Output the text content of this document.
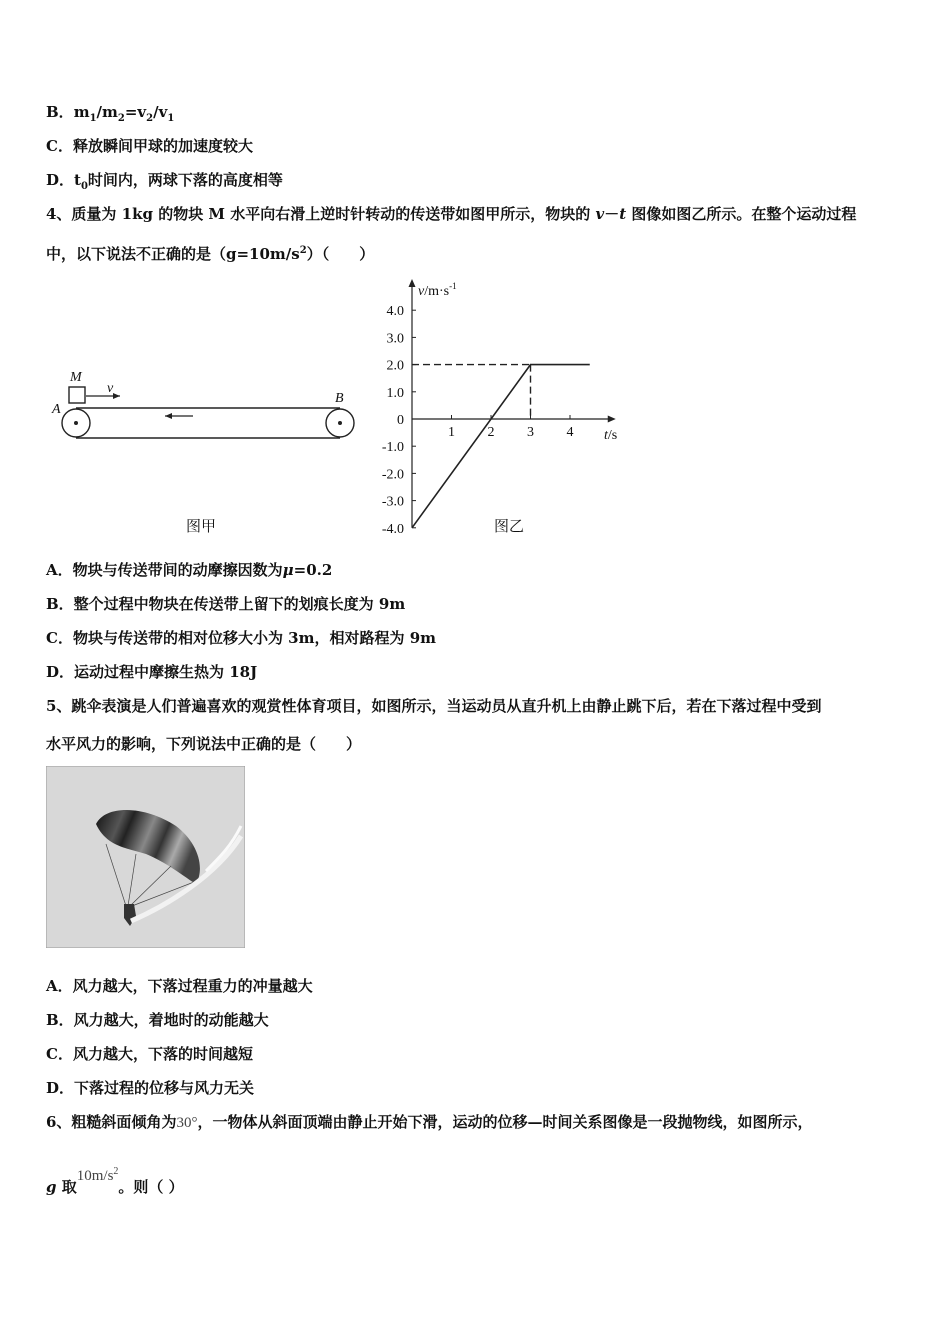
B．$m_1/m_2=v_2/v_1$
C．释放瞬间甲球的加速度较大
D．$t_0$时间内，两球下落的高度相等
4、质量为 1kg 的物块 M 水平向右滑上逆时针转动的传送带如图甲所示，物块的 v－t 图像如图乙所示。在整个运动过程
中，以下说法不正确的是$(g=10m/s^2)$（　　）
M
v
A
B
图甲
4.0
3.0
2.0
1.0
0
-1.0
-2.0
-3.0
-4.0
1 2 3 4
$v/m\cdot s^{-1}$
t/s
图乙
A．物块与传送带间的动摩擦因数为μ=0.2
B．整个过程中物块在传送带上留下的划痕长度为 9m
C．物块与传送带的相对位移大小为 3m，相对路程为 9m
D．运动过程中摩擦生热为 18J
5、跳伞表演是人们普遍喜欢的观赏性体育项目，如图所示，当运动员从直升机上由静止跳下后，若在下落过程中受到
水平风力的影响，下列说法中正确的是（　　）
A．风力越大，下落过程重力的冲量越大
B．风力越大，着地时的动能越大
C．风力越大，下落的时间越短
D．下落过程的位移与风力无关
6、粗糙斜面倾角为30°，一物体从斜面顶端由静止开始下滑，运动的位移—时间关系图像是一段抛物线，如图所示，
g 取$10m/s^2$。则（ ）
